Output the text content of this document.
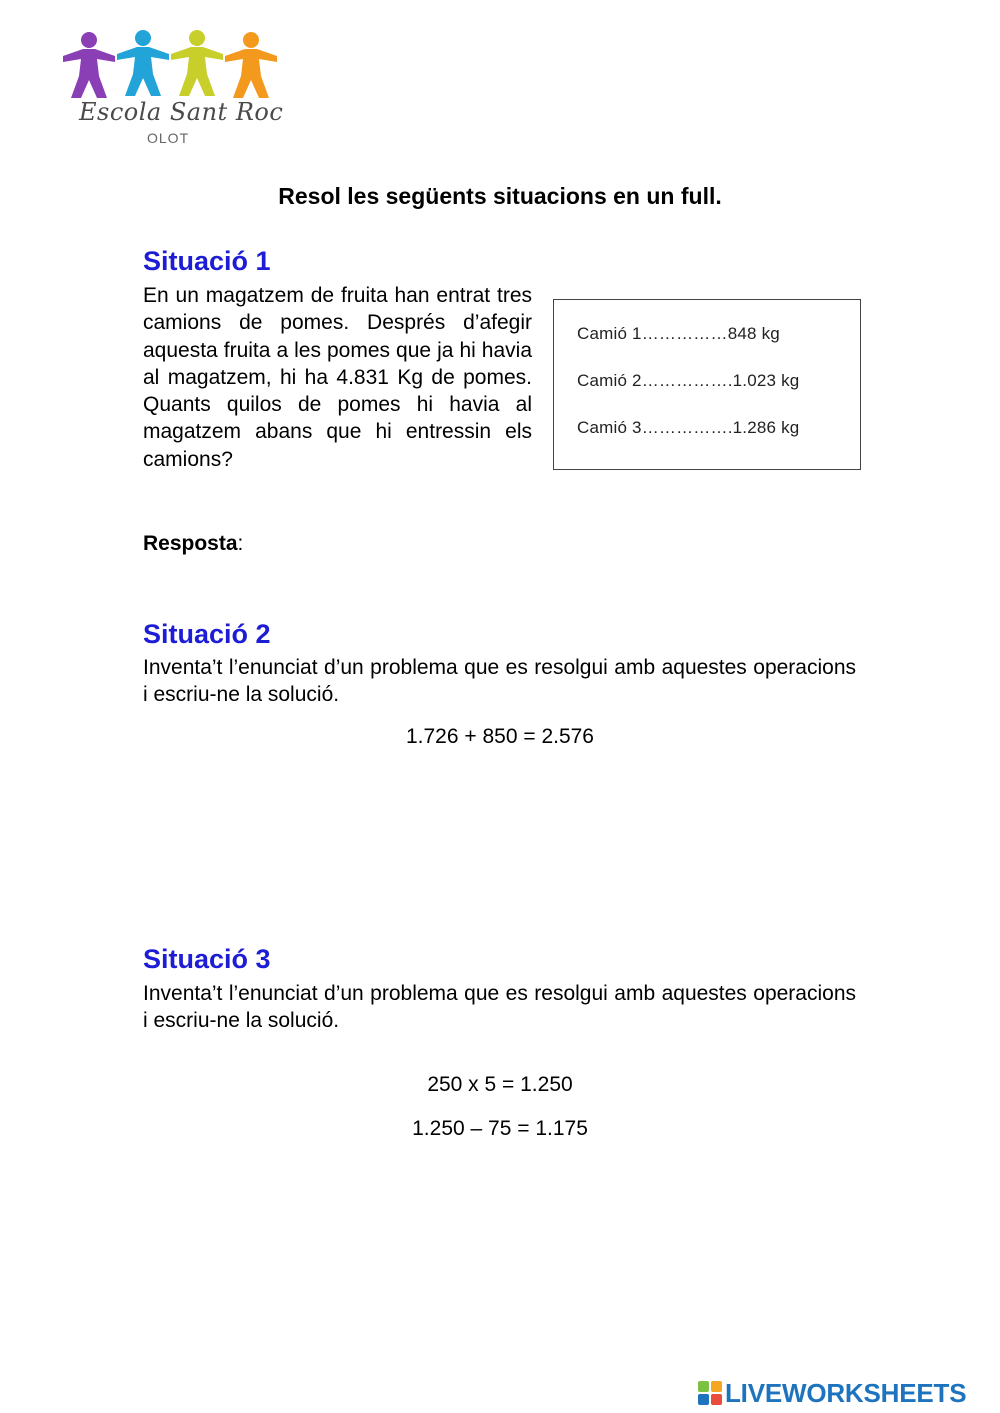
Escola Sant Roc
OLOT
Resol les següents situacions en un full.
Situació 1
En un magatzem de fruita han entrat tres camions de pomes. Després d’afegir aquesta fruita a les pomes que ja hi havia al magatzem, hi ha 4.831 Kg de pomes. Quants quilos de pomes hi havia al magatzem abans que hi entressin els camions?
Camió 1……………848 kg
Camió 2…………….1.023 kg
Camió 3…………….1.286 kg
Resposta:
Situació 2
Inventa’t l’enunciat d’un problema que es resolgui amb aquestes operacions i escriu-ne la solució.
1.726 + 850 = 2.576
Situació 3
Inventa’t l’enunciat d’un problema que es resolgui amb aquestes operacions i escriu-ne la solució.
250 x 5 = 1.250
1.250 – 75 = 1.175
LIVEWORKSHEETS
